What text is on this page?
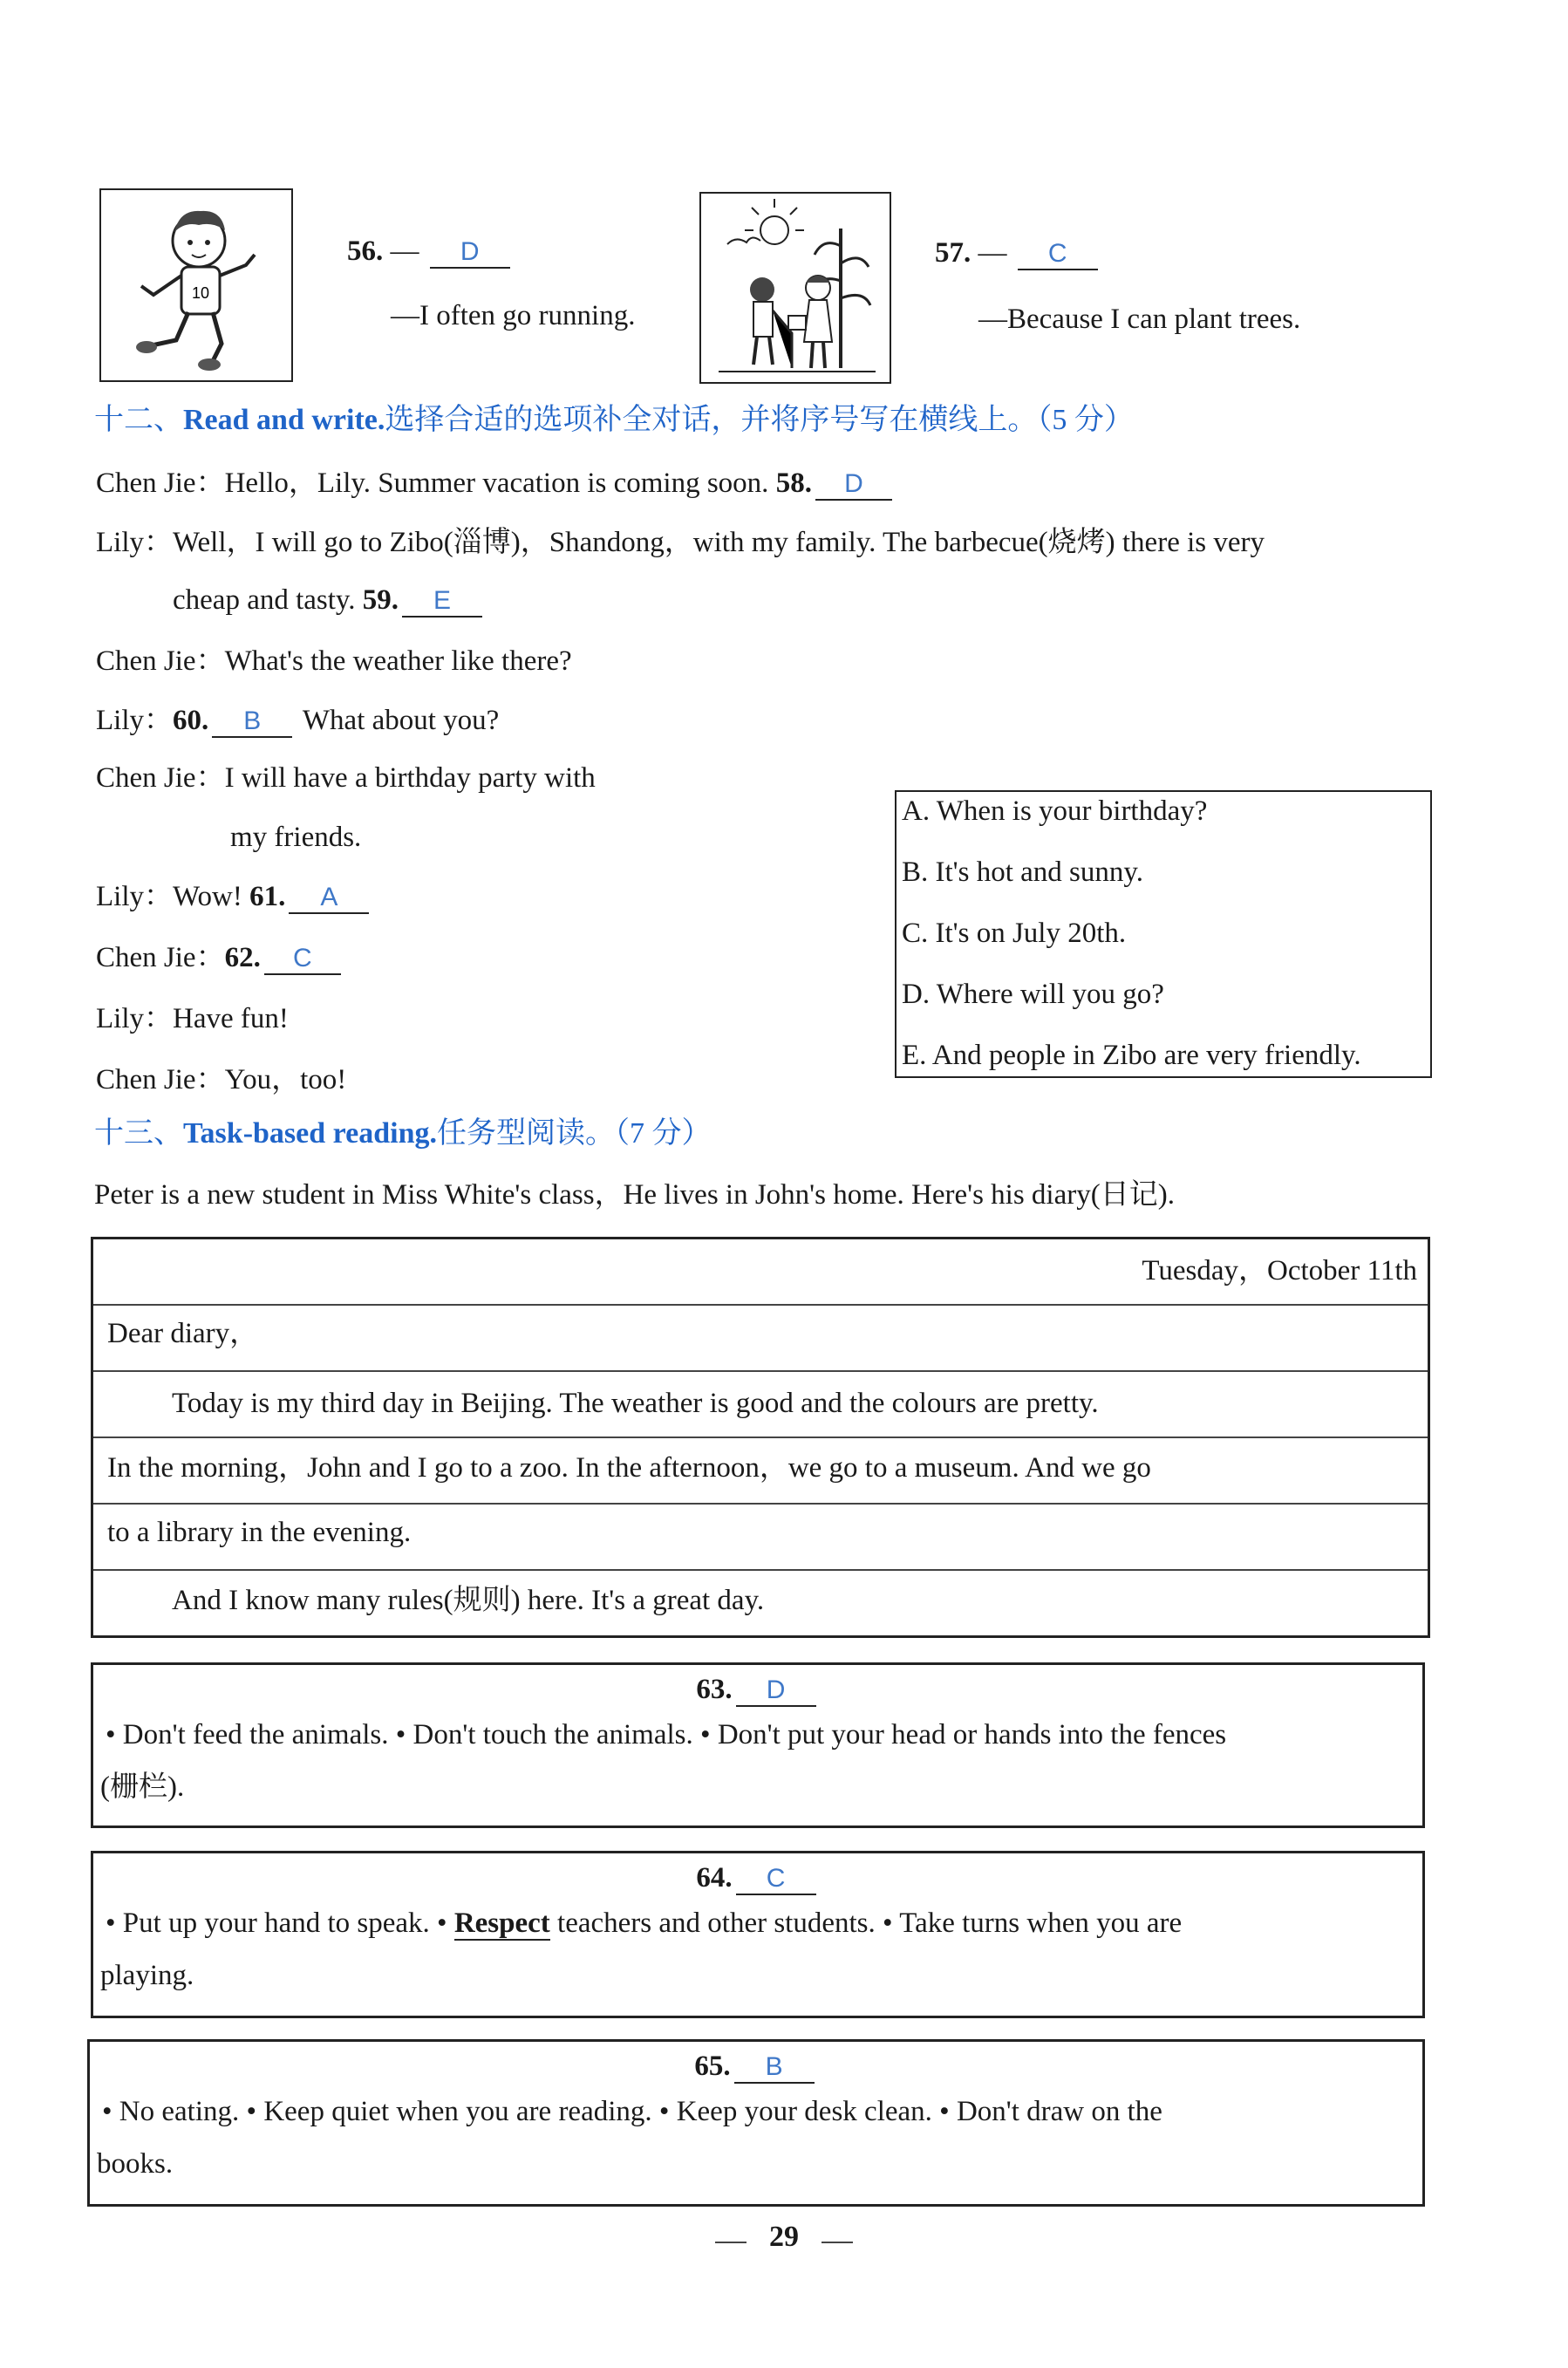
10
56. — D
—I often go running.
57. — C
—Because I can plant trees.
十二、Read and write.选择合适的选项补全对话，并将序号写在横线上。（5 分）
Chen Jie：Hello，Lily. Summer vacation is coming soon. 58. D
Lily：Well，I will go to Zibo(淄博)，Shandong，with my family. The barbecue(烧烤) there is very
cheap and tasty. 59. E
Chen Jie：What's the weather like there?
Lily：60. B What about you?
Chen Jie：I will have a birthday party with
my friends.
Lily：Wow! 61. A
Chen Jie：62. C
Lily：Have fun!
Chen Jie：You，too!
A. When is your birthday?
B. It's hot and sunny.
C. It's on July 20th.
D. Where will you go?
E. And people in Zibo are very friendly.
十三、Task-based reading.任务型阅读。（7 分）
Peter is a new student in Miss White's class，He lives in John's home. Here's his diary(日记).
Tuesday，October 11th
Dear diary，
Today is my third day in Beijing. The weather is good and the colours are pretty.
In the morning，John and I go to a zoo. In the afternoon，we go to a museum. And we go
to a library in the evening.
And I know many rules(规则) here. It's a great day.
63. D
• Don't feed the animals. • Don't touch the animals. • Don't put your head or hands into the fences
(栅栏).
64. C
• Put up your hand to speak. • Respect teachers and other students. • Take turns when you are
playing.
65. B
• No eating. • Keep quiet when you are reading. • Keep your desk clean. • Don't draw on the
books.
29
